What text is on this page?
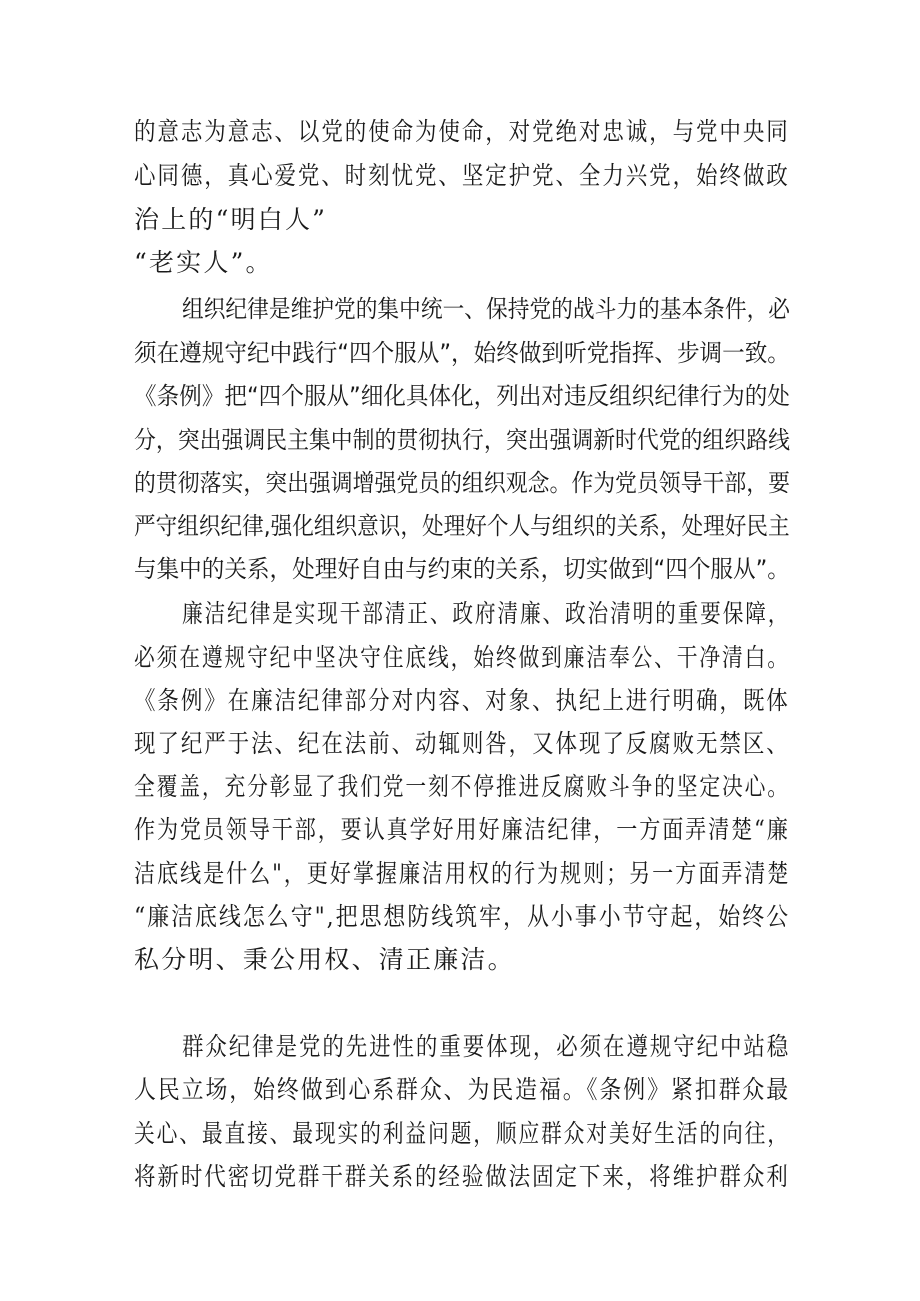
的意志为意志、以党的使命为使命，对党绝对忠诚，与党中央同
心同德，真心爱党、时刻忧党、坚定护党、全力兴党，始终做政
治上的“明白人”
“老实人”。
组织纪律是维护党的集中统一、保持党的战斗力的基本条件，必
须在遵规守纪中践行“四个服从”，始终做到听党指挥、步调一致。
《条例》把“四个服从”细化具体化，列出对违反组织纪律行为的处
分，突出强调民主集中制的贯彻执行，突出强调新时代党的组织路线
的贯彻落实，突出强调增强党员的组织观念。作为党员领导干部，要
严守组织纪律,强化组织意识，处理好个人与组织的关系，处理好民主
与集中的关系，处理好自由与约束的关系，切实做到“四个服从”。
廉洁纪律是实现干部清正、政府清廉、政治清明的重要保障，
必须在遵规守纪中坚决守住底线，始终做到廉洁奉公、干净清白。
《条例》在廉洁纪律部分对内容、对象、执纪上进行明确，既体
现了纪严于法、纪在法前、动辄则咎，又体现了反腐败无禁区、
全覆盖，充分彰显了我们党一刻不停推进反腐败斗争的坚定决心。
作为党员领导干部，要认真学好用好廉洁纪律，一方面弄清楚“廉
洁底线是什么"，更好掌握廉洁用权的行为规则；另一方面弄清楚
“廉洁底线怎么守",把思想防线筑牢，从小事小节守起，始终公
私分明、秉公用权、清正廉洁。
群众纪律是党的先进性的重要体现，必须在遵规守纪中站稳
人民立场，始终做到心系群众、为民造福。《条例》紧扣群众最
关心、最直接、最现实的利益问题，顺应群众对美好生活的向往，
将新时代密切党群干群关系的经验做法固定下来，将维护群众利
